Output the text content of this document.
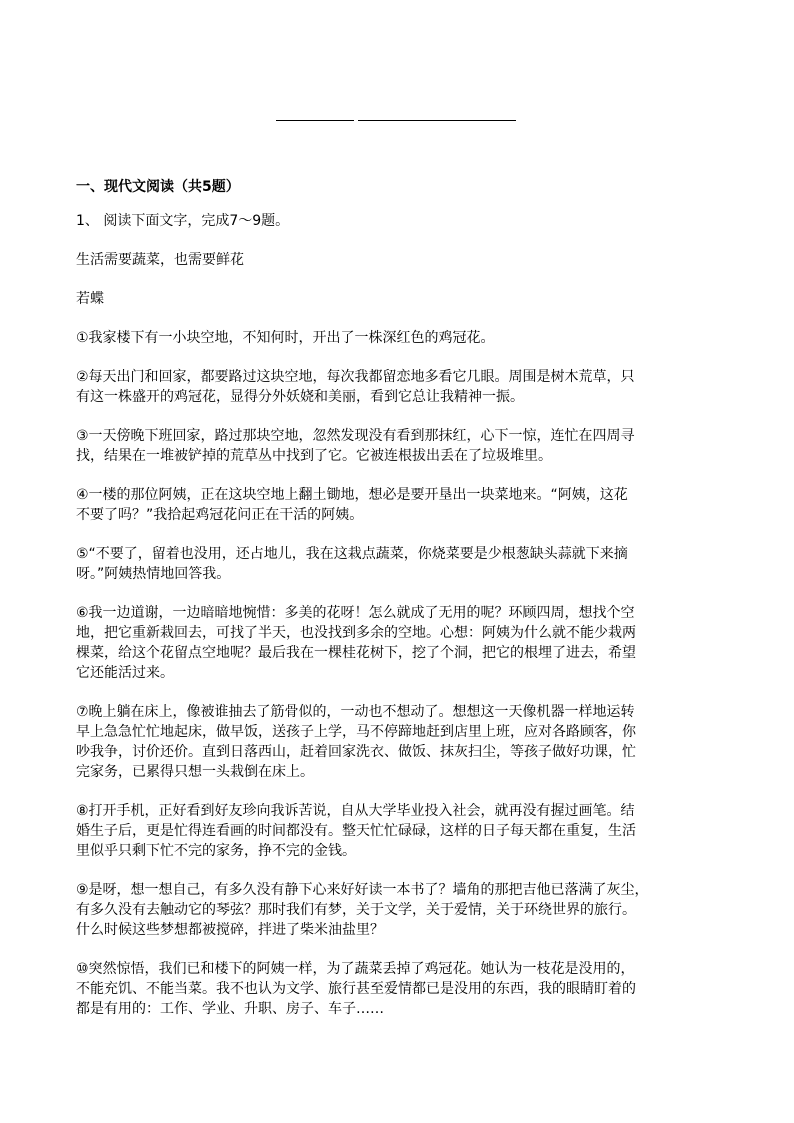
一、现代文阅读（共5题）

1、 阅读下面文字，完成7～9题。

生活需要蔬菜，也需要鲜花

若蝶

①我家楼下有一小块空地，不知何时，开出了一株深红色的鸡冠花。

②每天出门和回家，都要路过这块空地，每次我都留恋地多看它几眼。周围是树木荒草，只
有这一株盛开的鸡冠花，显得分外妖娆和美丽，看到它总让我精神一振。

③一天傍晚下班回家，路过那块空地，忽然发现没有看到那抹红，心下一惊，连忙在四周寻
找，结果在一堆被铲掉的荒草丛中找到了它。它被连根拔出丢在了垃圾堆里。

④一楼的那位阿姨，正在这块空地上翻土锄地，想必是要开垦出一块菜地来。“阿姨，这花
不要了吗？”我拾起鸡冠花问正在干活的阿姨。

⑤“不要了，留着也没用，还占地儿，我在这栽点蔬菜，你烧菜要是少根葱缺头蒜就下来摘
呀。”阿姨热情地回答我。

⑥我一边道谢，一边暗暗地惋惜：多美的花呀！怎么就成了无用的呢？环顾四周，想找个空
地，把它重新栽回去，可找了半天，也没找到多余的空地。心想：阿姨为什么就不能少栽两
棵菜，给这个花留点空地呢？最后我在一棵桂花树下，挖了个洞，把它的根埋了进去，希望
它还能活过来。

⑦晚上躺在床上，像被谁抽去了筋骨似的，一动也不想动了。想想这一天像机器一样地运转
早上急急忙忙地起床，做早饭，送孩子上学，马不停蹄地赶到店里上班，应对各路顾客，你
吵我争，讨价还价。直到日落西山，赶着回家洗衣、做饭、抹灰扫尘，等孩子做好功课，忙
完家务，已累得只想一头栽倒在床上。

⑧打开手机，正好看到好友珍向我诉苦说，自从大学毕业投入社会，就再没有握过画笔。结
婚生子后，更是忙得连看画的时间都没有。整天忙忙碌碌，这样的日子每天都在重复，生活
里似乎只剩下忙不完的家务，挣不完的金钱。

⑨是呀，想一想自己，有多久没有静下心来好好读一本书了？墙角的那把吉他已落满了灰尘，
有多久没有去触动它的琴弦？那时我们有梦，关于文学，关于爱情，关于环绕世界的旅行。
什么时候这些梦想都被搅碎，拌进了柴米油盐里？

⑩突然惊悟，我们已和楼下的阿姨一样，为了蔬菜丢掉了鸡冠花。她认为一枝花是没用的，
不能充饥、不能当菜。我不也认为文学、旅行甚至爱情都已是没用的东西，我的眼睛盯着的
都是有用的：工作、学业、升职、房子、车子……
